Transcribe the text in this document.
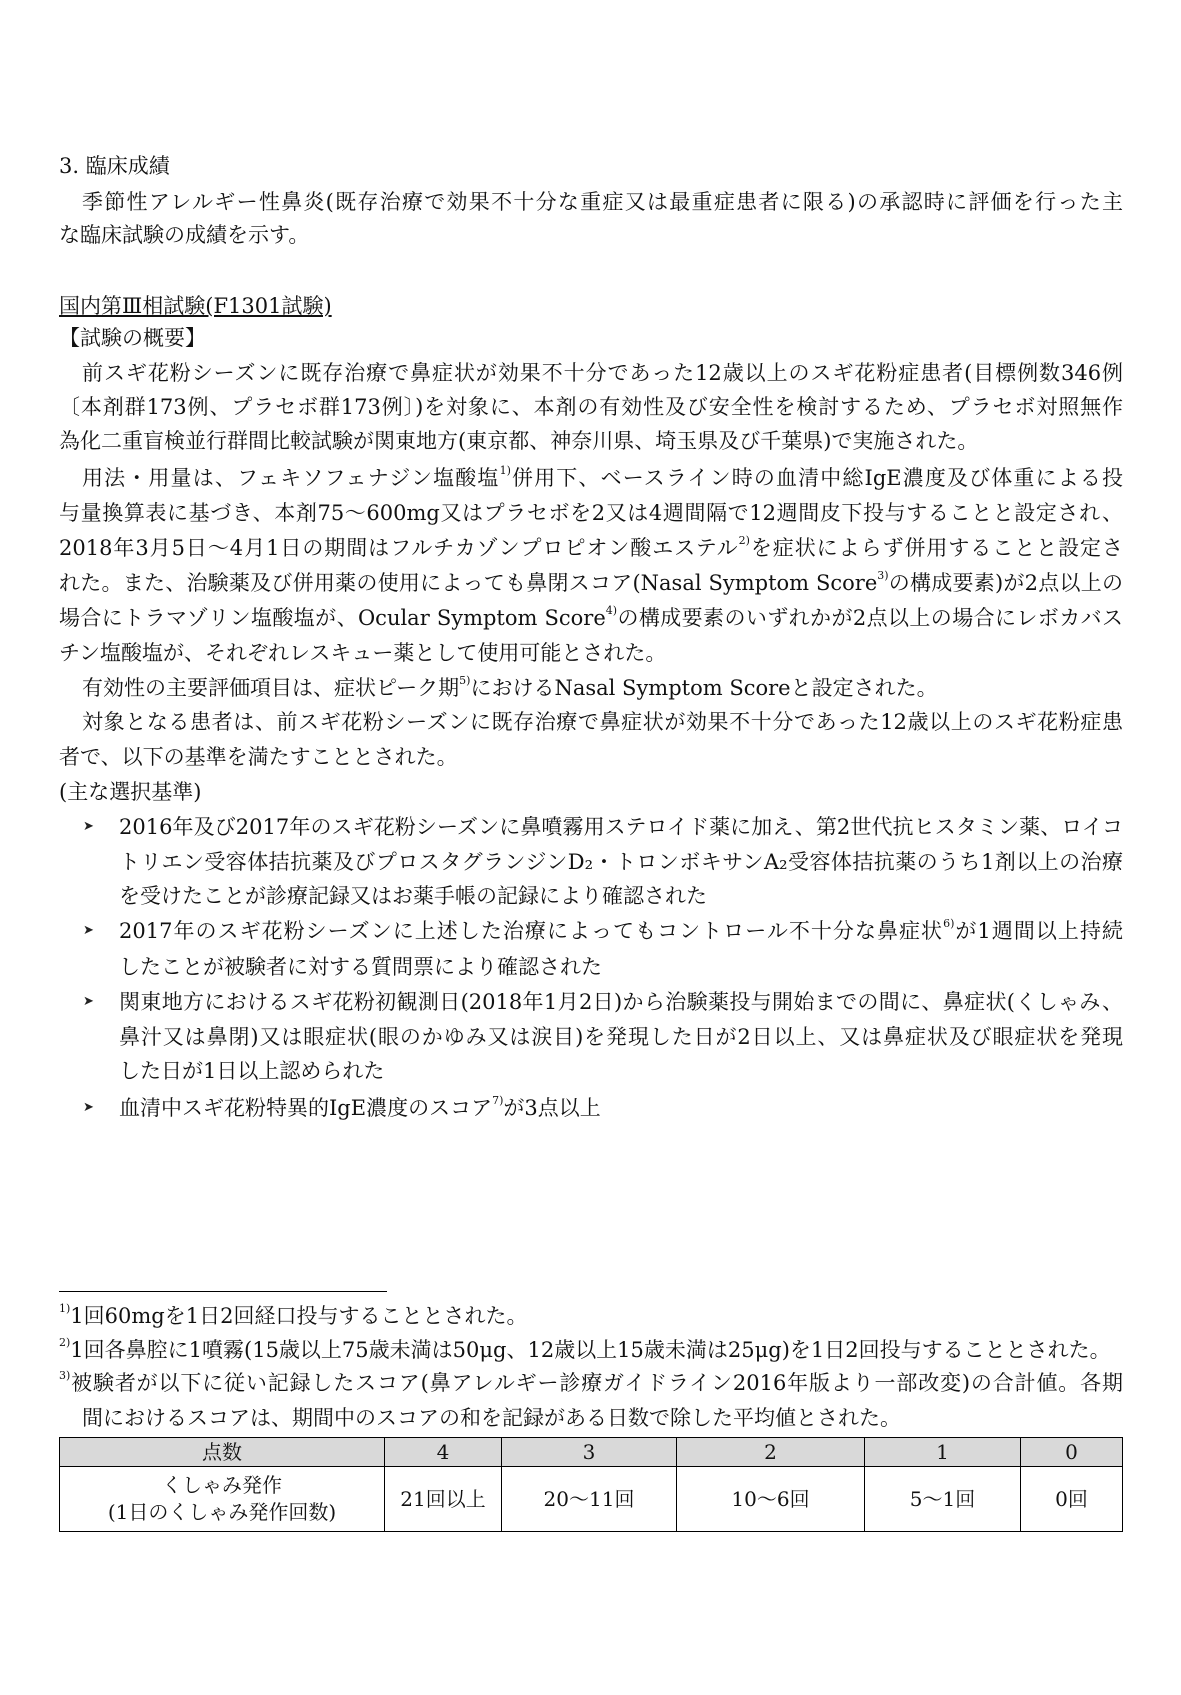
3. 臨床成績
季節性アレルギー性鼻炎(既存治療で効果不十分な重症又は最重症患者に限る)の承認時に評価を行った主
な臨床試験の成績を示す。
国内第Ⅲ相試験(F1301試験)
【試験の概要】
前スギ花粉シーズンに既存治療で鼻症状が効果不十分であった12歳以上のスギ花粉症患者(目標例数346例
〔本剤群173例、プラセボ群173例〕)を対象に、本剤の有効性及び安全性を検討するため、プラセボ対照無作
為化二重盲検並行群間比較試験が関東地方(東京都、神奈川県、埼玉県及び千葉県)で実施された。
用法・用量は、フェキソフェナジン塩酸塩$^{1)}$併用下、ベースライン時の血清中総IgE濃度及び体重による投
与量換算表に基づき、本剤75～600mg又はプラセボを2又は4週間隔で12週間皮下投与することと設定され、
2018年3月5日～4月1日の期間はフルチカゾンプロピオン酸エステル$^{2)}$を症状によらず併用することと設定さ
れた。また、治験薬及び併用薬の使用によっても鼻閉スコア(Nasal Symptom Score$^{3)}$の構成要素)が2点以上の
場合にトラマゾリン塩酸塩が、Ocular Symptom Score$^{4)}$の構成要素のいずれかが2点以上の場合にレボカバス
チン塩酸塩が、それぞれレスキュー薬として使用可能とされた。
有効性の主要評価項目は、症状ピーク期$^{5)}$におけるNasal Symptom Scoreと設定された。
対象となる患者は、前スギ花粉シーズンに既存治療で鼻症状が効果不十分であった12歳以上のスギ花粉症患
者で、以下の基準を満たすこととされた。
(主な選択基準)
➤ 2016年及び2017年のスギ花粉シーズンに鼻噴霧用ステロイド薬に加え、第2世代抗ヒスタミン薬、ロイコ
トリエン受容体拮抗薬及びプロスタグランジンD₂・トロンボキサンA₂受容体拮抗薬のうち1剤以上の治療
を受けたことが診療記録又はお薬手帳の記録により確認された
➤ 2017年のスギ花粉シーズンに上述した治療によってもコントロール不十分な鼻症状$^{6)}$が1週間以上持続
したことが被験者に対する質問票により確認された
➤ 関東地方におけるスギ花粉初観測日(2018年1月2日)から治験薬投与開始までの間に、鼻症状(くしゃみ、
鼻汁又は鼻閉)又は眼症状(眼のかゆみ又は涙目)を発現した日が2日以上、又は鼻症状及び眼症状を発現
した日が1日以上認められた
➤ 血清中スギ花粉特異的IgE濃度のスコア$^{7)}$が3点以上
$^{1)}$1回60mgを1日2回経口投与することとされた。
$^{2)}$1回各鼻腔に1噴霧(15歳以上75歳未満は50μg、12歳以上15歳未満は25μg)を1日2回投与することとされた。
$^{3)}$被験者が以下に従い記録したスコア(鼻アレルギー診療ガイドライン2016年版より一部改変)の合計値。各期
間におけるスコアは、期間中のスコアの和を記録がある日数で除した平均値とされた。
点数	4	3	2	1	0

くしゃみ発作
(1日のくしゃみ発作回数)	21回以上	20～11回	10～6回	5～1回	0回
